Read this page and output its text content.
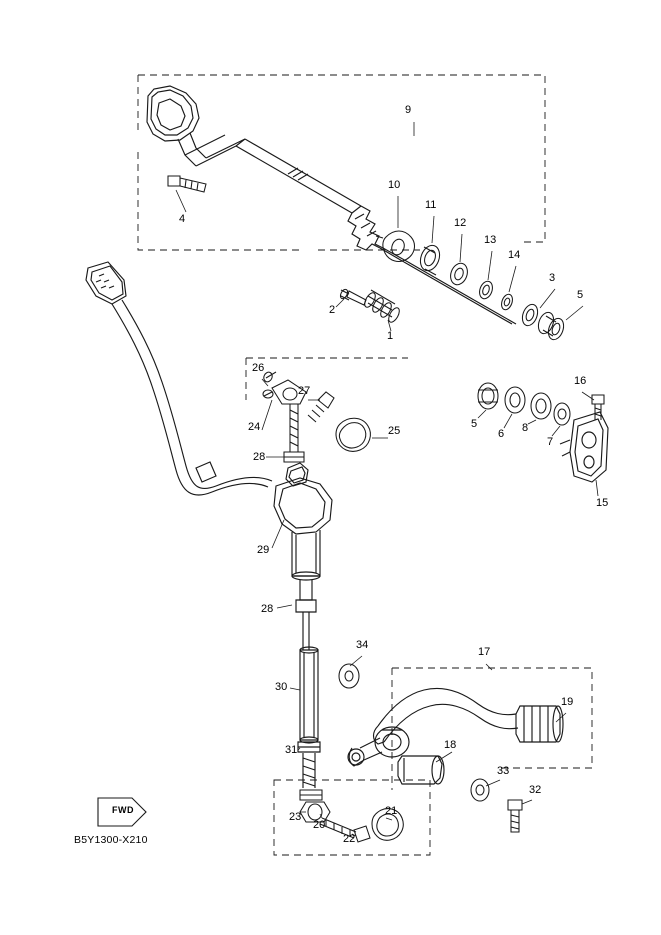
9
10
11
12
13
14
3
5
4
2
1
26
27
24	25
28
5
6 8
7
16
15
29
28
30
31
34
17
19
18
33
32
23
20
22
21
FWD
B5Y1300-X210
